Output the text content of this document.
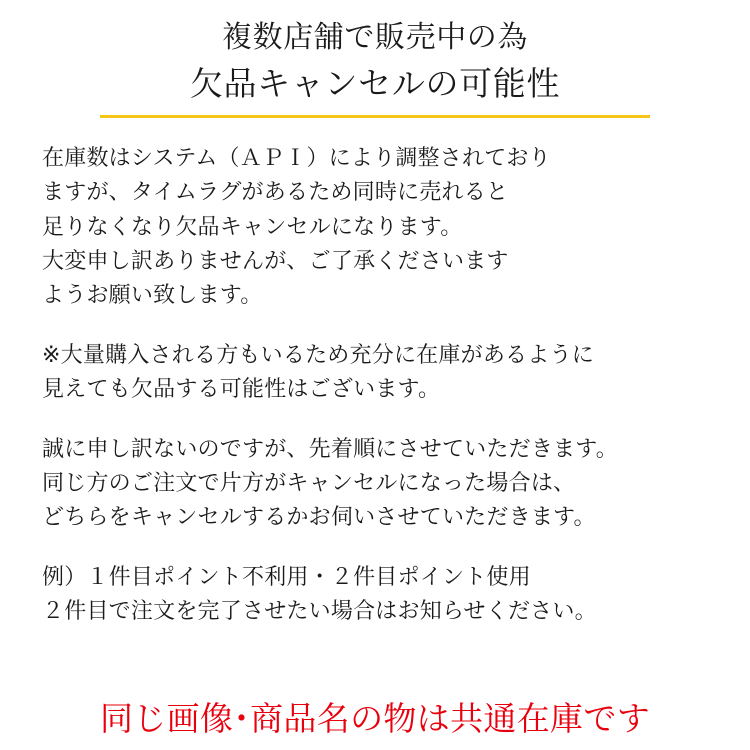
複数店舗で販売中の為
欠品キャンセルの可能性
在庫数はシステム（ＡＰＩ）により調整されており
ますが、タイムラグがあるため同時に売れると
足りなくなり欠品キャンセルになります。
大変申し訳ありませんが、ご了承くださいます
ようお願い致します。
※大量購入される方もいるため充分に在庫があるように
見えても欠品する可能性はございます。
誠に申し訳ないのですが、先着順にさせていただきます。
同じ方のご注文で片方がキャンセルになった場合は、
どちらをキャンセルするかお伺いさせていただきます。
例）１件目ポイント不利用・２件目ポイント使用
２件目で注文を完了させたい場合はお知らせください。
同じ画像･商品名の物は共通在庫です
